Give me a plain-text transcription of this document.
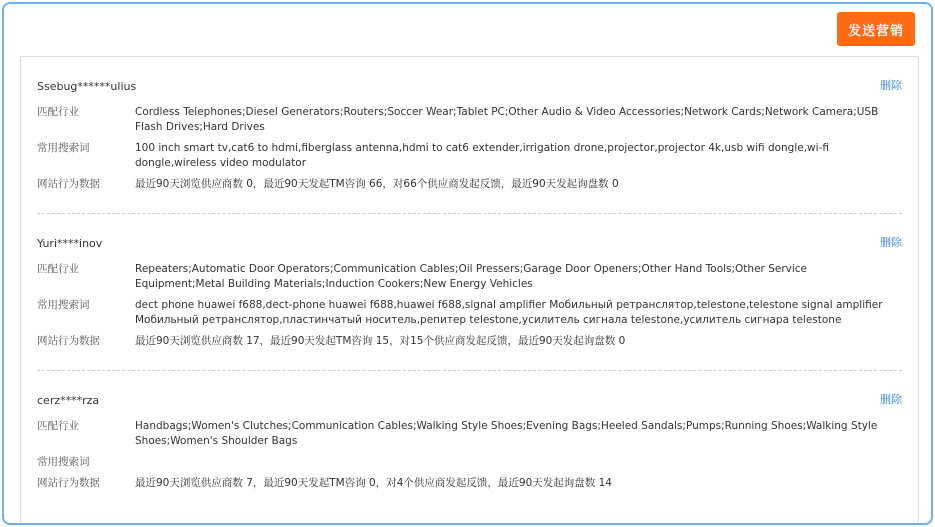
发送营销
Ssebug******ulius	删除
匹配行业	Cordless Telephones;Diesel Generators;Routers;Soccer Wear;Tablet PC;Other Audio & Video Accessories;Network Cards;Network Camera;USB Flash Drives;Hard Drives
常用搜索词	100 inch smart tv,cat6 to hdmi,fiberglass antenna,hdmi to cat6 extender,irrigation drone,projector,projector 4k,usb wifi dongle,wi-fi dongle,wireless video modulator
网站行为数据	最近90天浏览供应商数 0，最近90天发起TM咨询 66，对66个供应商发起反馈，最近90天发起询盘数 0
Yuri****inov	删除
匹配行业	Repeaters;Automatic Door Operators;Communication Cables;Oil Pressers;Garage Door Openers;Other Hand Tools;Other Service Equipment;Metal Building Materials;Induction Cookers;New Energy Vehicles
常用搜索词	dect phone huawei f688,dect-phone huawei f688,huawei f688,signal amplifier Мобильный ретранслятор,telestone,telestone signal amplifier Мобильный ретранслятор,пластинчатый носитель,репитер telestone,усилитель сигнала telestone,усилитель сигнара telestone
网站行为数据	最近90天浏览供应商数 17，最近90天发起TM咨询 15，对15个供应商发起反馈，最近90天发起询盘数 0
cerz****rza	删除
匹配行业	Handbags;Women's Clutches;Communication Cables;Walking Style Shoes;Evening Bags;Heeled Sandals;Pumps;Running Shoes;Walking Style Shoes;Women's Shoulder Bags
常用搜索词
网站行为数据	最近90天浏览供应商数 7，最近90天发起TM咨询 0，对4个供应商发起反馈，最近90天发起询盘数 14
